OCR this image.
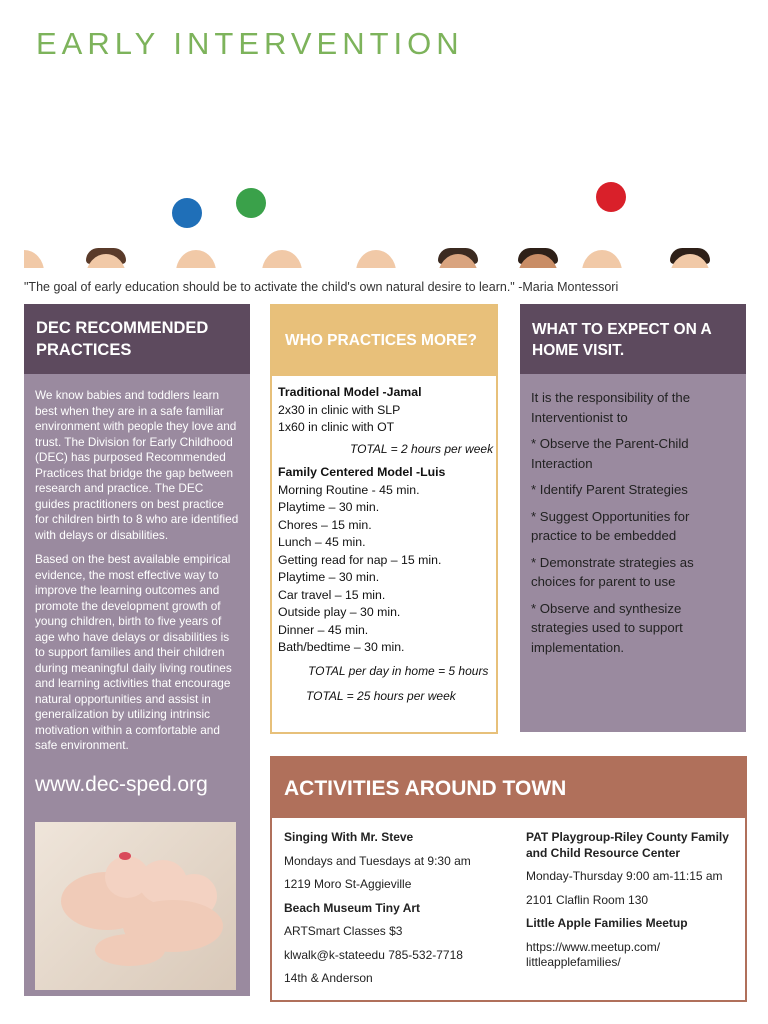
EARLY INTERVENTION
"The goal of early education should be to activate the child's own natural desire to learn." -Maria Montessori
DEC RECOMMENDED PRACTICES

We know babies and toddlers learn best when they are in a safe familiar environment with people they love and trust. The Division for Early Childhood (DEC) has purposed Recommended Practices that bridge the gap between research and practice. The DEC guides practitioners on best practice for children birth to 8 who are identified with delays or disabilities.

Based on the best available empirical evidence, the most effective way to improve the learning outcomes and promote the development growth of young children, birth to five years of age who have delays or disabilities is to support families and their children during meaningful daily living routines and learning activities that encourage natural opportunities and assist in generalization by utilizing intrinsic motivation within a comfortable and safe environment.

www.dec-sped.org
WHO PRACTICES MORE?
Traditional Model -Jamal
2x30 in clinic with SLP
1x60 in clinic with OT
TOTAL = 2 hours per week
Family Centered Model -Luis
Morning Routine - 45 min.
Playtime – 30 min.
Chores – 15 min.
Lunch – 45 min.
Getting read for nap – 15 min.
Playtime – 30 min.
Car travel – 15 min.
Outside play – 30 min.
Dinner – 45 min.
Bath/bedtime – 30 min.
TOTAL per day in home = 5 hours
TOTAL = 25 hours per week
WHAT TO EXPECT ON A HOME VISIT.

It is the responsibility of the Interventionist to

* Observe the Parent-Child Interaction

* Identify Parent Strategies

* Suggest Opportunities for practice to be embedded

* Demonstrate strategies as choices for parent to use

* Observe and synthesize strategies used to support implementation.

ACTIVITIES AROUND TOWN

Singing With Mr. Steve

Mondays and Tuesdays at 9:30 am

1219 Moro St-Aggieville

Beach Museum Tiny Art

ARTSmart Classes $3

klwalk@k-stateedu 785-532-7718

14th & Anderson

PAT Playgroup-Riley County Family and Child Resource Center

Monday-Thursday 9:00 am-11:15 am

2101 Claflin Room 130

Little Apple Families Meetup

https://www.meetup.com/ littleapplefamilies/
